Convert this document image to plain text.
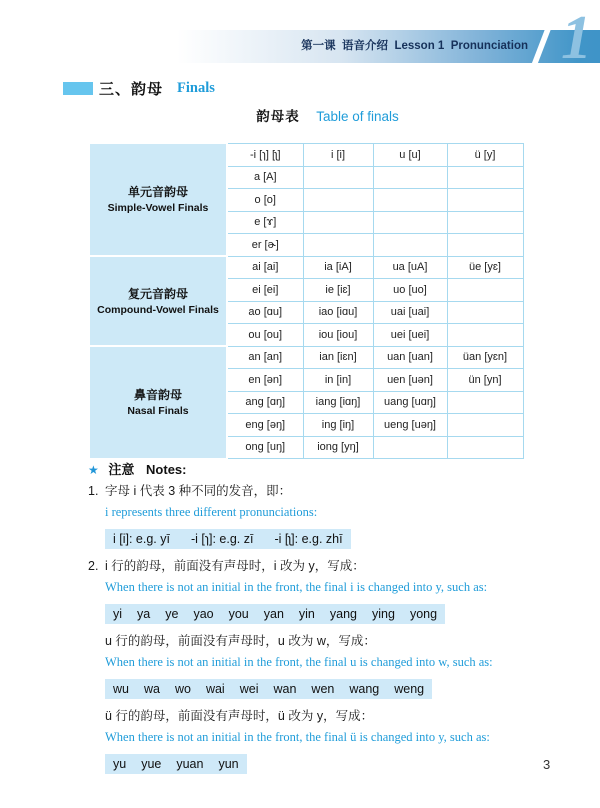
第一课  语音介绍  Lesson 1  Pronunciation 1
三、韵母 Finals
韵母表 Table of finals
单元音韵母
Simple-Vowel Finals	-i [ɿ] [ʅ]	i [i]	u [u]	ü [y]
	a [A]			
	o [o]			
	e [ɤ]			
	er [ɚ]			

复元音韵母
Compound-Vowel Finals	ai [ai]	ia [iA]	ua [uA]	üe [yɛ]
	ei [ei]	ie [iɛ]	uo [uo]	
	ao [ɑu]	iao [iɑu]	uai [uai]	
	ou [ou]	iou [iou]	uei [uei]	

鼻音韵母
Nasal Finals	an [an]	ian [iɛn]	uan [uan]	üan [yɛn]
	en [ən]	in [in]	uen [uən]	ün [yn]
	ang [ɑŋ]	iang [iɑŋ]	uang [uɑŋ]	
	eng [əŋ]	ing [iŋ]	ueng [uəŋ]	
	ong [uŋ]	iong [yŋ]		
★ 注意 Notes:
1. 字母 i 代表 3 种不同的发音，即：
i represents three different pronunciations:
i [i]: e.g. yī -i [ɿ]: e.g. zī -i [ʅ]: e.g. zhī
2. i 行的韵母，前面没有声母时，i 改为 y，写成：
When there is not an initial in the front, the final i is changed into y, such as:
yi ya ye yao you yan yin yang ying yong
u 行的韵母，前面没有声母时，u 改为 w，写成：
When there is not an initial in the front, the final u is changed into w, such as:
wu wa wo wai wei wan wen wang weng
ü 行的韵母，前面没有声母时，ü 改为 y，写成：
When there is not an initial in the front, the final ü is changed into y, such as:
yu yue yuan yun	3
